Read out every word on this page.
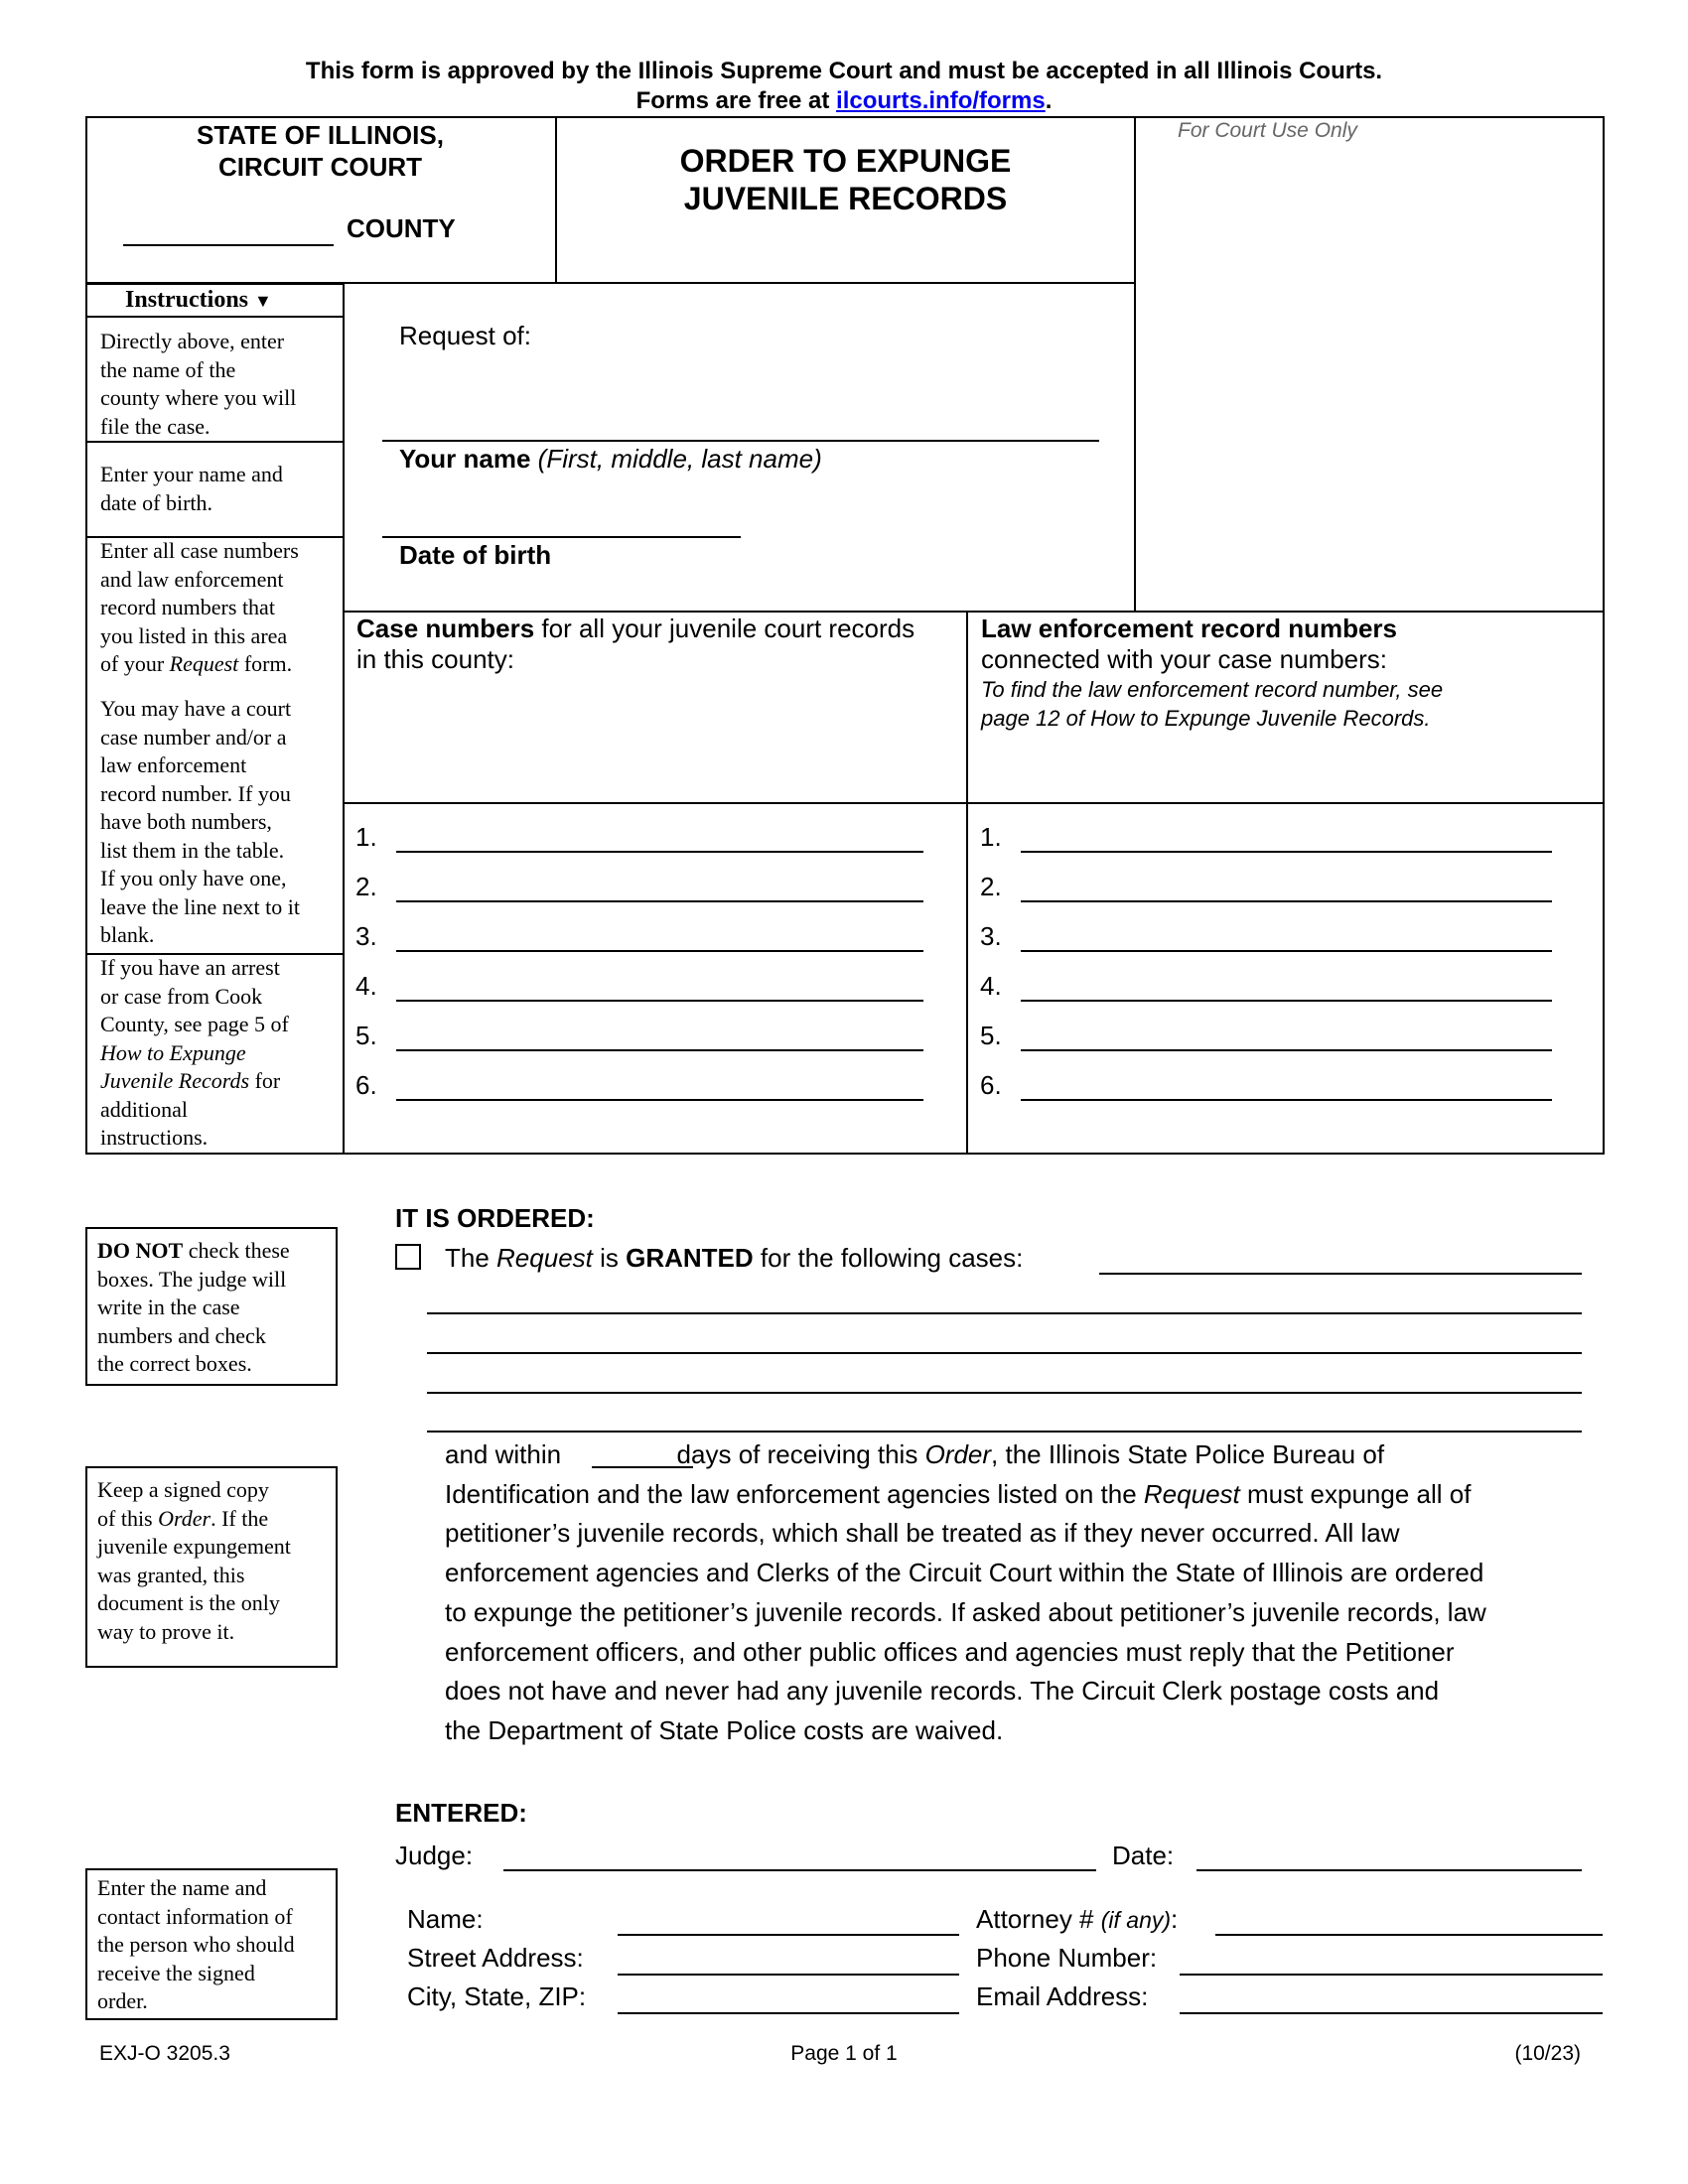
This form is approved by the Illinois Supreme Court and must be accepted in all Illinois Courts.
Forms are free at ilcourts.info/forms.
STATE OF ILLINOIS,
CIRCUIT COURT
COUNTY
ORDER TO EXPUNGE
JUVENILE RECORDS
For Court Use Only
Instructions ▼
Directly above, enter
the name of the
county where you will
file the case.
Enter your name and
date of birth.
Enter all case numbers
and law enforcement
record numbers that
you listed in this area
of your Request form.
You may have a court
case number and/or a
law enforcement
record number. If you
have both numbers,
list them in the table.
If you only have one,
leave the line next to it
blank.
If you have an arrest
or case from Cook
County, see page 5 of
How to Expunge
Juvenile Records for
additional
instructions.
Request of:
Your name (First, middle, last name)
Date of birth
Case numbers for all your juvenile court records
in this county:
Law enforcement record numbers
connected with your case numbers:
To find the law enforcement record number, see
page 12 of How to Expunge Juvenile Records.
1.
2.
3.
4.
5.
6.
1.
2.
3.
4.
5.
6.
DO NOT check these
boxes. The judge will
write in the case
numbers and check
the correct boxes.
IT IS ORDERED:
The Request is GRANTED for the following cases:
Keep a signed copy
of this Order. If the
juvenile expungement
was granted, this
document is the only
way to prove it.
and within	days of receiving this Order, the Illinois State Police Bureau of
Identification and the law enforcement agencies listed on the Request must expunge all of
petitioner’s juvenile records, which shall be treated as if they never occurred. All law
enforcement agencies and Clerks of the Circuit Court within the State of Illinois are ordered
to expunge the petitioner’s juvenile records. If asked about petitioner’s juvenile records, law
enforcement officers, and other public offices and agencies must reply that the Petitioner
does not have and never had any juvenile records. The Circuit Clerk postage costs and
the Department of State Police costs are waived.
ENTERED:
Judge:	Date:
Enter the name and
contact information of
the person who should
receive the signed
order.
Name:
Street Address:
City, State, ZIP:
Attorney # (if any):
Phone Number:
Email Address:
EXJ-O 3205.3	Page 1 of 1	(10/23)
